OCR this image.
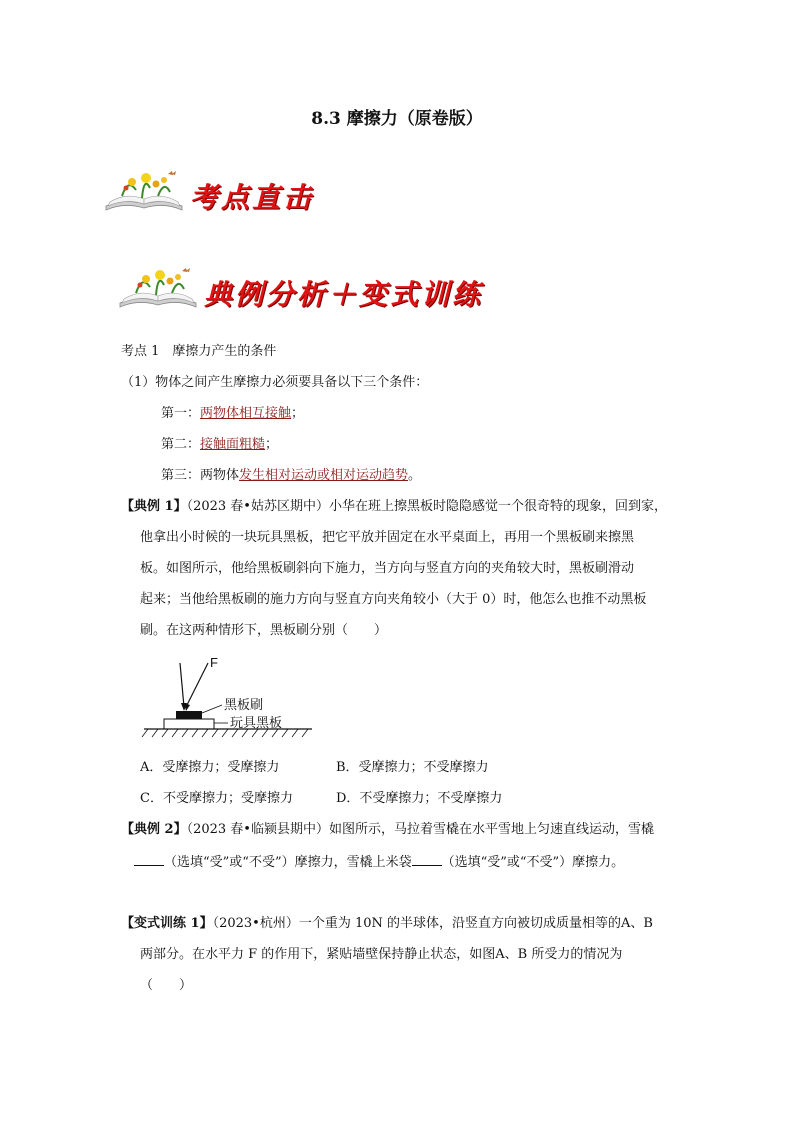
8.3 摩擦力（原卷版）
考点直击
典例分析＋变式训练
考点 1　摩擦力产生的条件
（1）物体之间产生摩擦力必须要具备以下三个条件：
第一：两物体相互接触；
第二：接触面粗糙；
第三：两物体发生相对运动或相对运动趋势。
【典例 1】（2023 春•姑苏区期中）小华在班上擦黑板时隐隐感觉一个很奇特的现象，回到家，
他拿出小时候的一块玩具黑板，把它平放并固定在水平桌面上，再用一个黑板刷来擦黑
板。如图所示，他给黑板刷斜向下施力，当方向与竖直方向的夹角较大时，黑板刷滑动
起来；当他给黑板刷的施力方向与竖直方向夹角较小（大于 0）时，他怎么也推不动黑板
刷。在这两种情形下，黑板刷分别（　　）
F
黑板刷
玩具黑板
A．受摩擦力；受摩擦力	B．受摩擦力；不受摩擦力
C．不受摩擦力；受摩擦力	D．不受摩擦力；不受摩擦力
【典例 2】（2023 春•临颍县期中）如图所示，马拉着雪橇在水平雪地上匀速直线运动，雪橇
（选填“受”或“不受”）摩擦力，雪橇上米袋 （选填“受”或“不受”）摩擦力。
【变式训练 1】（2023•杭州）一个重为 10N 的半球体，沿竖直方向被切成质量相等的A、B
两部分。在水平力 F 的作用下，紧贴墙壁保持静止状态，如图A、B 所受力的情况为
（　　）
